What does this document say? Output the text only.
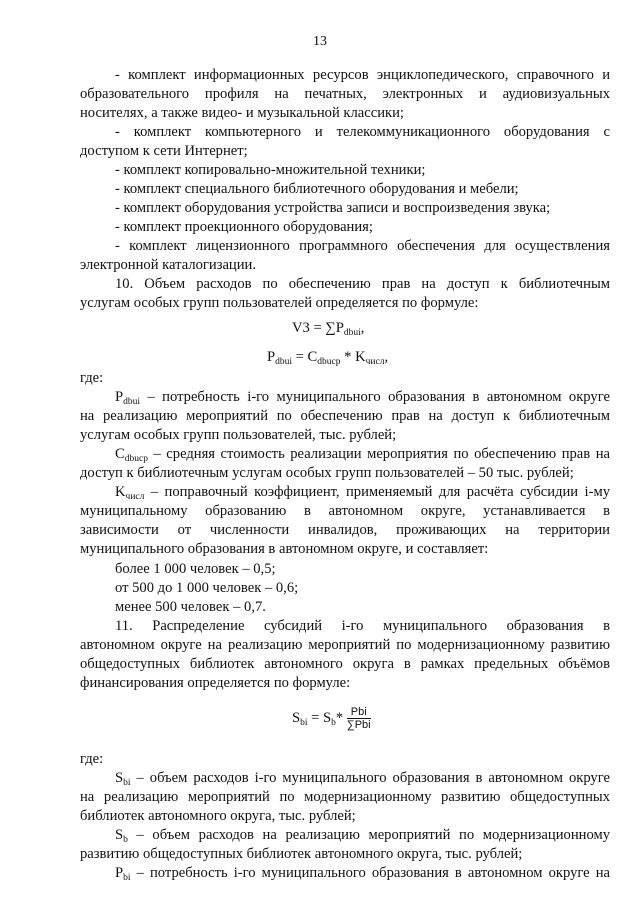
13
- комплект информационных ресурсов энциклопедического, справочного и
образовательного профиля на печатных, электронных и аудиовизуальных
носителях, а также видео- и музыкальной классики;
- комплект компьютерного и телекоммуникационного оборудования с
доступом к сети Интернет;
- комплект копировально-множительной техники;
- комплект специального библиотечного оборудования и мебели;
- комплект оборудования устройства записи и воспроизведения звука;
- комплект проекционного оборудования;
- комплект лицензионного программного обеспечения для осуществления
электронной каталогизации.
10. Объем расходов по обеспечению прав на доступ к библиотечным
услугам особых групп пользователей определяется по формуле:
$V3 = \sum P_{dbui}$,
$P_{dbui} = C_{dbucp} * K_{числ}$,
где:
$P_{dbui}$ – потребность i-го муниципального образования в автономном округе
на реализацию мероприятий по обеспечению прав на доступ к библиотечным
услугам особых групп пользователей, тыс. рублей;
$C_{dbucp}$ – средняя стоимость реализации мероприятия по обеспечению прав на
доступ к библиотечным услугам особых групп пользователей – 50 тыс. рублей;
$K_{числ}$ – поправочный коэффициент, применяемый для расчёта субсидии i-му
муниципальному образованию в автономном округе, устанавливается в
зависимости от численности инвалидов, проживающих на территории
муниципального образования в автономном округе, и составляет:
более 1 000 человек – 0,5;
от 500 до 1 000 человек – 0,6;
менее 500 человек – 0,7.
11. Распределение субсидий i-го муниципального образования в
автономном округе на реализацию мероприятий по модернизационному развитию
общедоступных библиотек автономного округа в рамках предельных объёмов
финансирования определяется по формуле:
$S_{bi} = S_b* \frac{\text{Pbi}}{\text{∑Pbi}}$
где:
$S_{bi}$ – объем расходов i-го муниципального образования в автономном округе
на реализацию мероприятий по модернизационному развитию общедоступных
библиотек автономного округа, тыс. рублей;
$S_b$ – объем расходов на реализацию мероприятий по модернизационному
развитию общедоступных библиотек автономного округа, тыс. рублей;
$P_{bi}$ – потребность i-го муниципального образования в автономном округе на
